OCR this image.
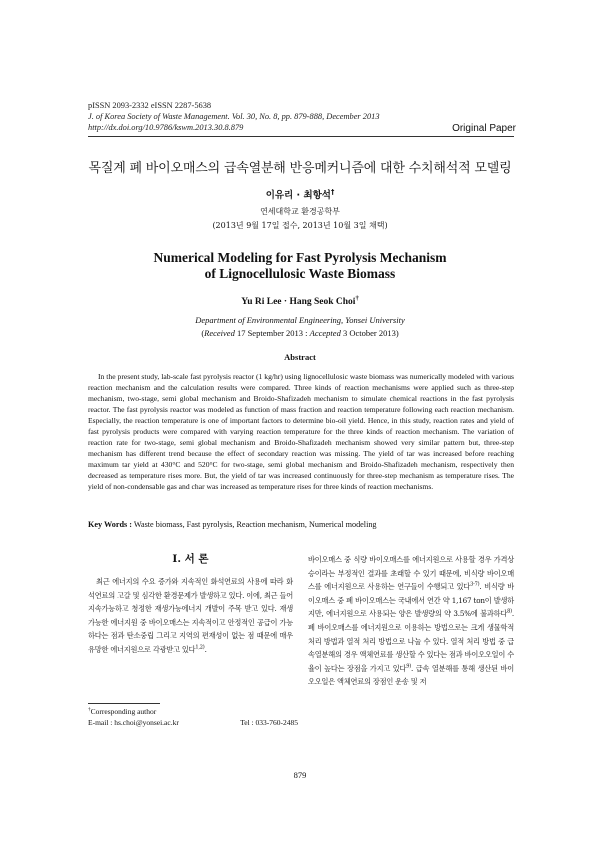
pISSN 2093-2332 eISSN 2287-5638
J. of Korea Society of Waste Management. Vol. 30, No. 8, pp. 879-888, December 2013
http://dx.doi.org/10.9786/kswm.2013.30.8.879	Original Paper
목질계 폐 바이오매스의 급속열분해 반응메커니즘에 대한 수치해석적 모델링
이유리 · 최항석†
연세대학교 환경공학부
(2013년 9월 17일 접수, 2013년 10월 3일 채택)
Numerical Modeling for Fast Pyrolysis Mechanism
of Lignocellulosic Waste Biomass
Yu Ri Lee · Hang Seok Choi†
Department of Environmental Engineering, Yonsei University
(Received 17 September 2013 : Accepted 3 October 2013)
Abstract

In the present study, lab-scale fast pyrolysis reactor (1 kg/hr) using lignocellulosic waste biomass was numerically modeled with various reaction mechanism and the calculation results were compared. Three kinds of reaction mechanisms were applied such as three-step mechanism, two-stage, semi global mechanism and Broido-Shafizadeh mechanism to simulate chemical reactions in the fast pyrolysis reactor. The fast pyrolysis reactor was modeled as function of mass fraction and reaction temperature following each reaction mechanism. Especially, the reaction temperature is one of important factors to determine bio-oil yield. Hence, in this study, reaction rates and yield of fast pyrolysis products were compared with varying reaction temperature for the three kinds of reaction mechanism. The variation of reaction rate for two-stage, semi global mechanism and Broido-Shafizadeh mechanism showed very similar pattern but, three-step mechanism has different trend because the effect of secondary reaction was missing. The yield of tar was increased before reaching maximum tar yield at 430°C and 520°C for two-stage, semi global mechanism and Broido-Shafizadeh mechanism, respectively then decreased as temperature rises more. But, the yield of tar was increased continuously for three-step mechanism as temperature rises. The yield of non-condensable gas and char was increased as temperature rises for three kinds of reaction mechanisms.

Key Words : Waste biomass, Fast pyrolysis, Reaction mechanism, Numerical modeling
I. 서 론

최근 에너지의 수요 증가와 지속적인 화석연료의 사용에 따라 화석연료의 고갈 및 심각한 환경문제가 발생하고 있다. 이에, 최근 들어 지속가능하고 청정한 재생가능에너지 개발이 주목 받고 있다. 재생 가능한 에너지원 중 바이오매스는 지속적이고 안정적인 공급이 가능하다는 점과 탄소중립 그리고 지역의 편재성이 없는 점 때문에 매우 유망한 에너지원으로 각광받고 있다$^{1,2)}$.

바이오매스 중 식량 바이오매스를 에너지원으로 사용할 경우 가격상승이라는 부정적인 결과를 초래할 수 있기 때문에, 비식량 바이오매스를 에너지원으로 사용하는 연구들이 수행되고 있다$^{3-7)}$. 비식량 바이오매스 중 폐 바이오매스는 국내에서 연간 약 1,167 ton이 발생하지만, 에너지원으로 사용되는 양은 발생량의 약 3.5%에 불과하다$^{8)}$. 폐 바이오매스를 에너지원으로 이용하는 방법으로는 크게 생물학적 처리 방법과 열적 처리 방법으로 나눌 수 있다. 열적 처리 방법 중 급속열분해의 경우 액체연료를 생산할 수 있다는 점과 바이오오일이 수율이 높다는 장점을 가지고 있다$^{9)}$. 급속 열분해를 통해 생산된 바이오오일은 액체연료의 장점인 운송 및 저

†Corresponding author
E-mail : hs.choi@yonsei.ac.kr	Tel : 033-760-2485
879
